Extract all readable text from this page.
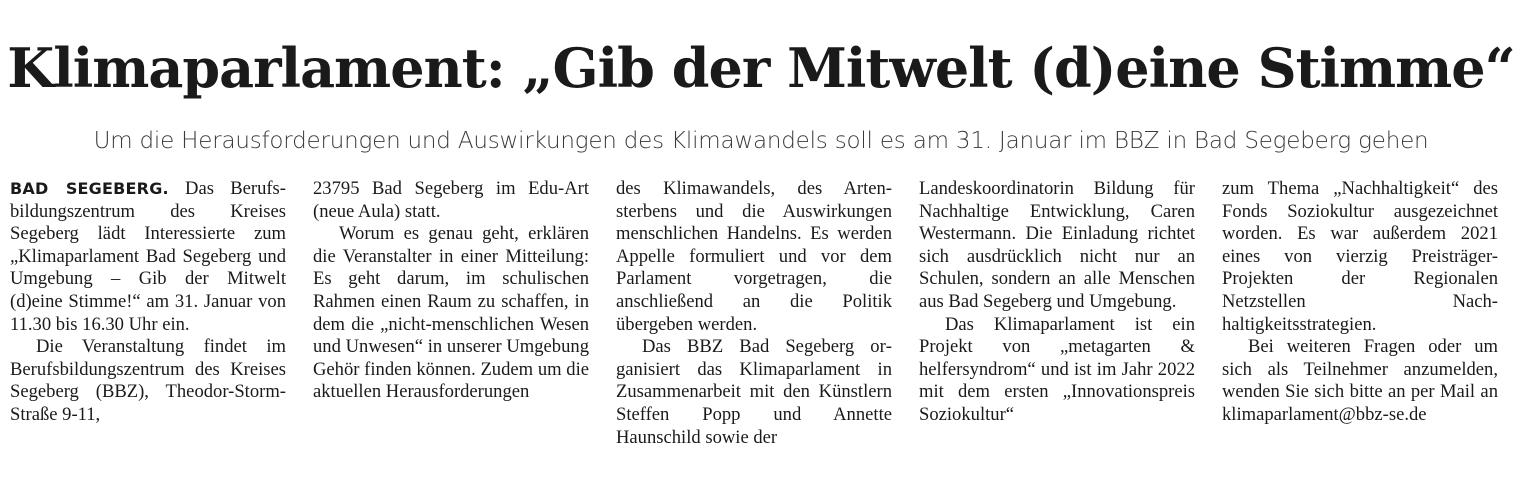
Klimaparlament: „Gib der Mitwelt (d)eine Stimme“
Um die Herausforderungen und Auswirkungen des Klimawandels soll es am 31. Januar im BBZ in Bad Segeberg gehen

BAD SEGEBERG. Das Berufsbildungszentrum des Kreises Segeberg lädt Interessierte zum „Klimaparlament Bad Segeberg und Umgebung – Gib der Mitwelt (d)eine Stimme!“ am 31. Januar von 11.30 bis 16.30 Uhr ein.

Die Veranstaltung findet im Berufsbildungszentrum des Kreises Segeberg (BBZ), Theodor-Storm-Straße 9-11,

23795 Bad Segeberg im Edu-Art (neue Aula) statt.

Worum es genau geht, erklären die Veranstalter in einer Mitteilung: Es geht darum, im schulischen Rahmen einen Raum zu schaffen, in dem die „nicht-menschlichen Wesen und Unwesen“ in unserer Umgebung Gehör finden können. Zudem um die aktuellen Herausforderungen

des Klimawandels, des Artensterbens und die Auswirkungen menschlichen Handelns. Es werden Appelle formuliert und vor dem Parlament vorgetragen, die anschließend an die Politik übergeben werden.

Das BBZ Bad Segeberg organisiert das Klimaparlament in Zusammenarbeit mit den Künstlern Steffen Popp und Annette Haunschild sowie der

Landeskoordinatorin Bildung für Nachhaltige Entwicklung, Caren Westermann. Die Einladung richtet sich ausdrücklich nicht nur an Schulen, sondern an alle Menschen aus Bad Segeberg und Umgebung.

Das Klimaparlament ist ein Projekt von „metagarten & helfersyndrom“ und ist im Jahr 2022 mit dem ersten „Innovationspreis Soziokultur“

zum Thema „Nachhaltigkeit“ des Fonds Soziokultur ausgezeichnet worden. Es war außerdem 2021 eines von vierzig Preisträger-Projekten der Regionalen Netzstellen Nachhaltigkeitsstrategien.

Bei weiteren Fragen oder um sich als Teilnehmer anzumelden, wenden Sie sich bitte an per Mail an klimaparlament@bbz-se.de
